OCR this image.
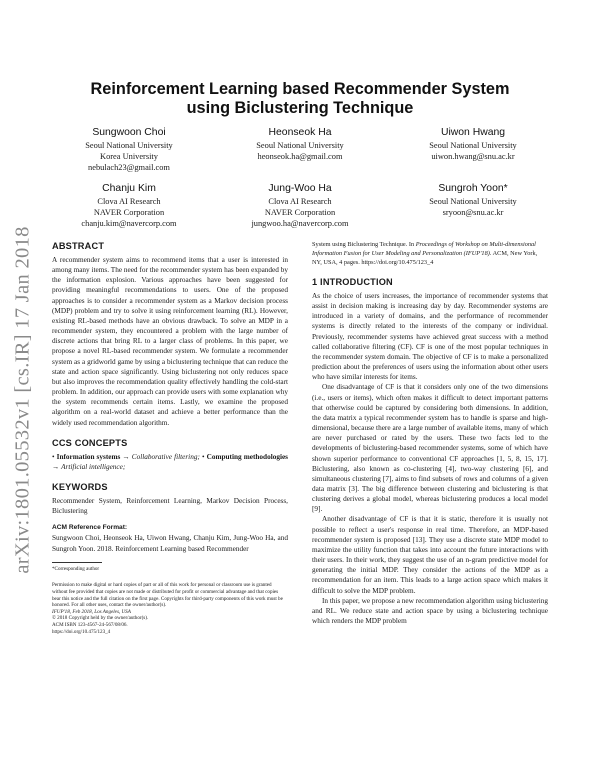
arXiv:1801.05532v1 [cs.IR] 17 Jan 2018
Reinforcement Learning based Recommender System
using Biclustering Technique
Sungwoon Choi
Seoul National University
Korea University
nebulach23@gmail.com
Heonseok Ha
Seoul National University
heonseok.ha@gmail.com
Uiwon Hwang
Seoul National University
uiwon.hwang@snu.ac.kr
Chanju Kim
Clova AI Research
NAVER Corporation
chanju.kim@navercorp.com
Jung-Woo Ha
Clova AI Research
NAVER Corporation
jungwoo.ha@navercorp.com
Sungroh Yoon*
Seoul National University
sryoon@snu.ac.kr
ABSTRACT

A recommender system aims to recommend items that a user is interested in among many items. The need for the recommender system has been expanded by the information explosion. Various approaches have been suggested for providing meaningful recommendations to users. One of the proposed approaches is to consider a recommender system as a Markov decision process (MDP) problem and try to solve it using reinforcement learning (RL). However, existing RL-based methods have an obvious drawback. To solve an MDP in a recommender system, they encountered a problem with the large number of discrete actions that bring RL to a larger class of problems. In this paper, we propose a novel RL-based recommender system. We formulate a recommender system as a gridworld game by using a biclustering technique that can reduce the state and action space significantly. Using biclustering not only reduces space but also improves the recommendation quality effectively handling the cold-start problem. In addition, our approach can provide users with some explanation why the system recommends certain items. Lastly, we examine the proposed algorithm on a real-world dataset and achieve a better performance than the widely used recommendation algorithm.

CCS CONCEPTS

• Information systems → Collaborative filtering; • Computing methodologies → Artificial intelligence;

KEYWORDS

Recommender System, Reinforcement Learning, Markov Decision Process, Biclustering

ACM Reference Format:
Sungwoon Choi, Heonseok Ha, Uiwon Hwang, Chanju Kim, Jung-Woo Ha, and Sungroh Yoon. 2018. Reinforcement Learning based Recommender

*Corresponding author

Permission to make digital or hard copies of part or all of this work for personal or classroom use is granted without fee provided that copies are not made or distributed for profit or commercial advantage and that copies bear this notice and the full citation on the first page. Copyrights for third-party components of this work must be honored. For all other uses, contact the owner/author(s).

IFUP'18, Feb 2018, Los Angeles, USA

© 2018 Copyright held by the owner/author(s).

ACM ISBN 123-4567-24-567/08/06.

https://doi.org/10.475/123_4

System using Biclustering Technique. In Proceedings of Workshop on Multi-dimensional Information Fusion for User Modeling and Personalization (IFUP'18). ACM, New York, NY, USA, 4 pages. https://doi.org/10.475/123_4

1 INTRODUCTION

As the choice of users increases, the importance of recommender systems that assist in decision making is increasing day by day. Recommender systems are introduced in a variety of domains, and the performance of recommender systems is directly related to the interests of the company or individual. Previously, recommender systems have achieved great success with a method called collaborative filtering (CF). CF is one of the most popular techniques in the recommender system domain. The objective of CF is to make a personalized prediction about the preferences of users using the information about other users who have similar interests for items.

One disadvantage of CF is that it considers only one of the two dimensions (i.e., users or items), which often makes it difficult to detect important patterns that otherwise could be captured by considering both dimensions. In addition, the data matrix a typical recommender system has to handle is sparse and high-dimensional, because there are a large number of available items, many of which are never purchased or rated by the users. These two facts led to the developments of biclustering-based recommender systems, some of which have shown superior performance to conventional CF approaches [1, 5, 8, 15, 17]. Biclustering, also known as co-clustering [4], two-way clustering [6], and simultaneous clustering [7], aims to find subsets of rows and columns of a given data matrix [3]. The big difference between clustering and biclustering is that clustering derives a global model, whereas biclustering produces a local model [9].

Another disadvantage of CF is that it is static, therefore it is usually not possible to reflect a user's response in real time. Therefore, an MDP-based recommender system is proposed [13]. They use a discrete state MDP model to maximize the utility function that takes into account the future interactions with their users. In their work, they suggest the use of an n-gram predictive model for generating the initial MDP. They consider the actions of the MDP as a recommendation for an item. This leads to a large action space which makes it difficult to solve the MDP problem.

In this paper, we propose a new recommendation algorithm using biclustering and RL. We reduce state and action space by using a biclustering technique which renders the MDP problem
